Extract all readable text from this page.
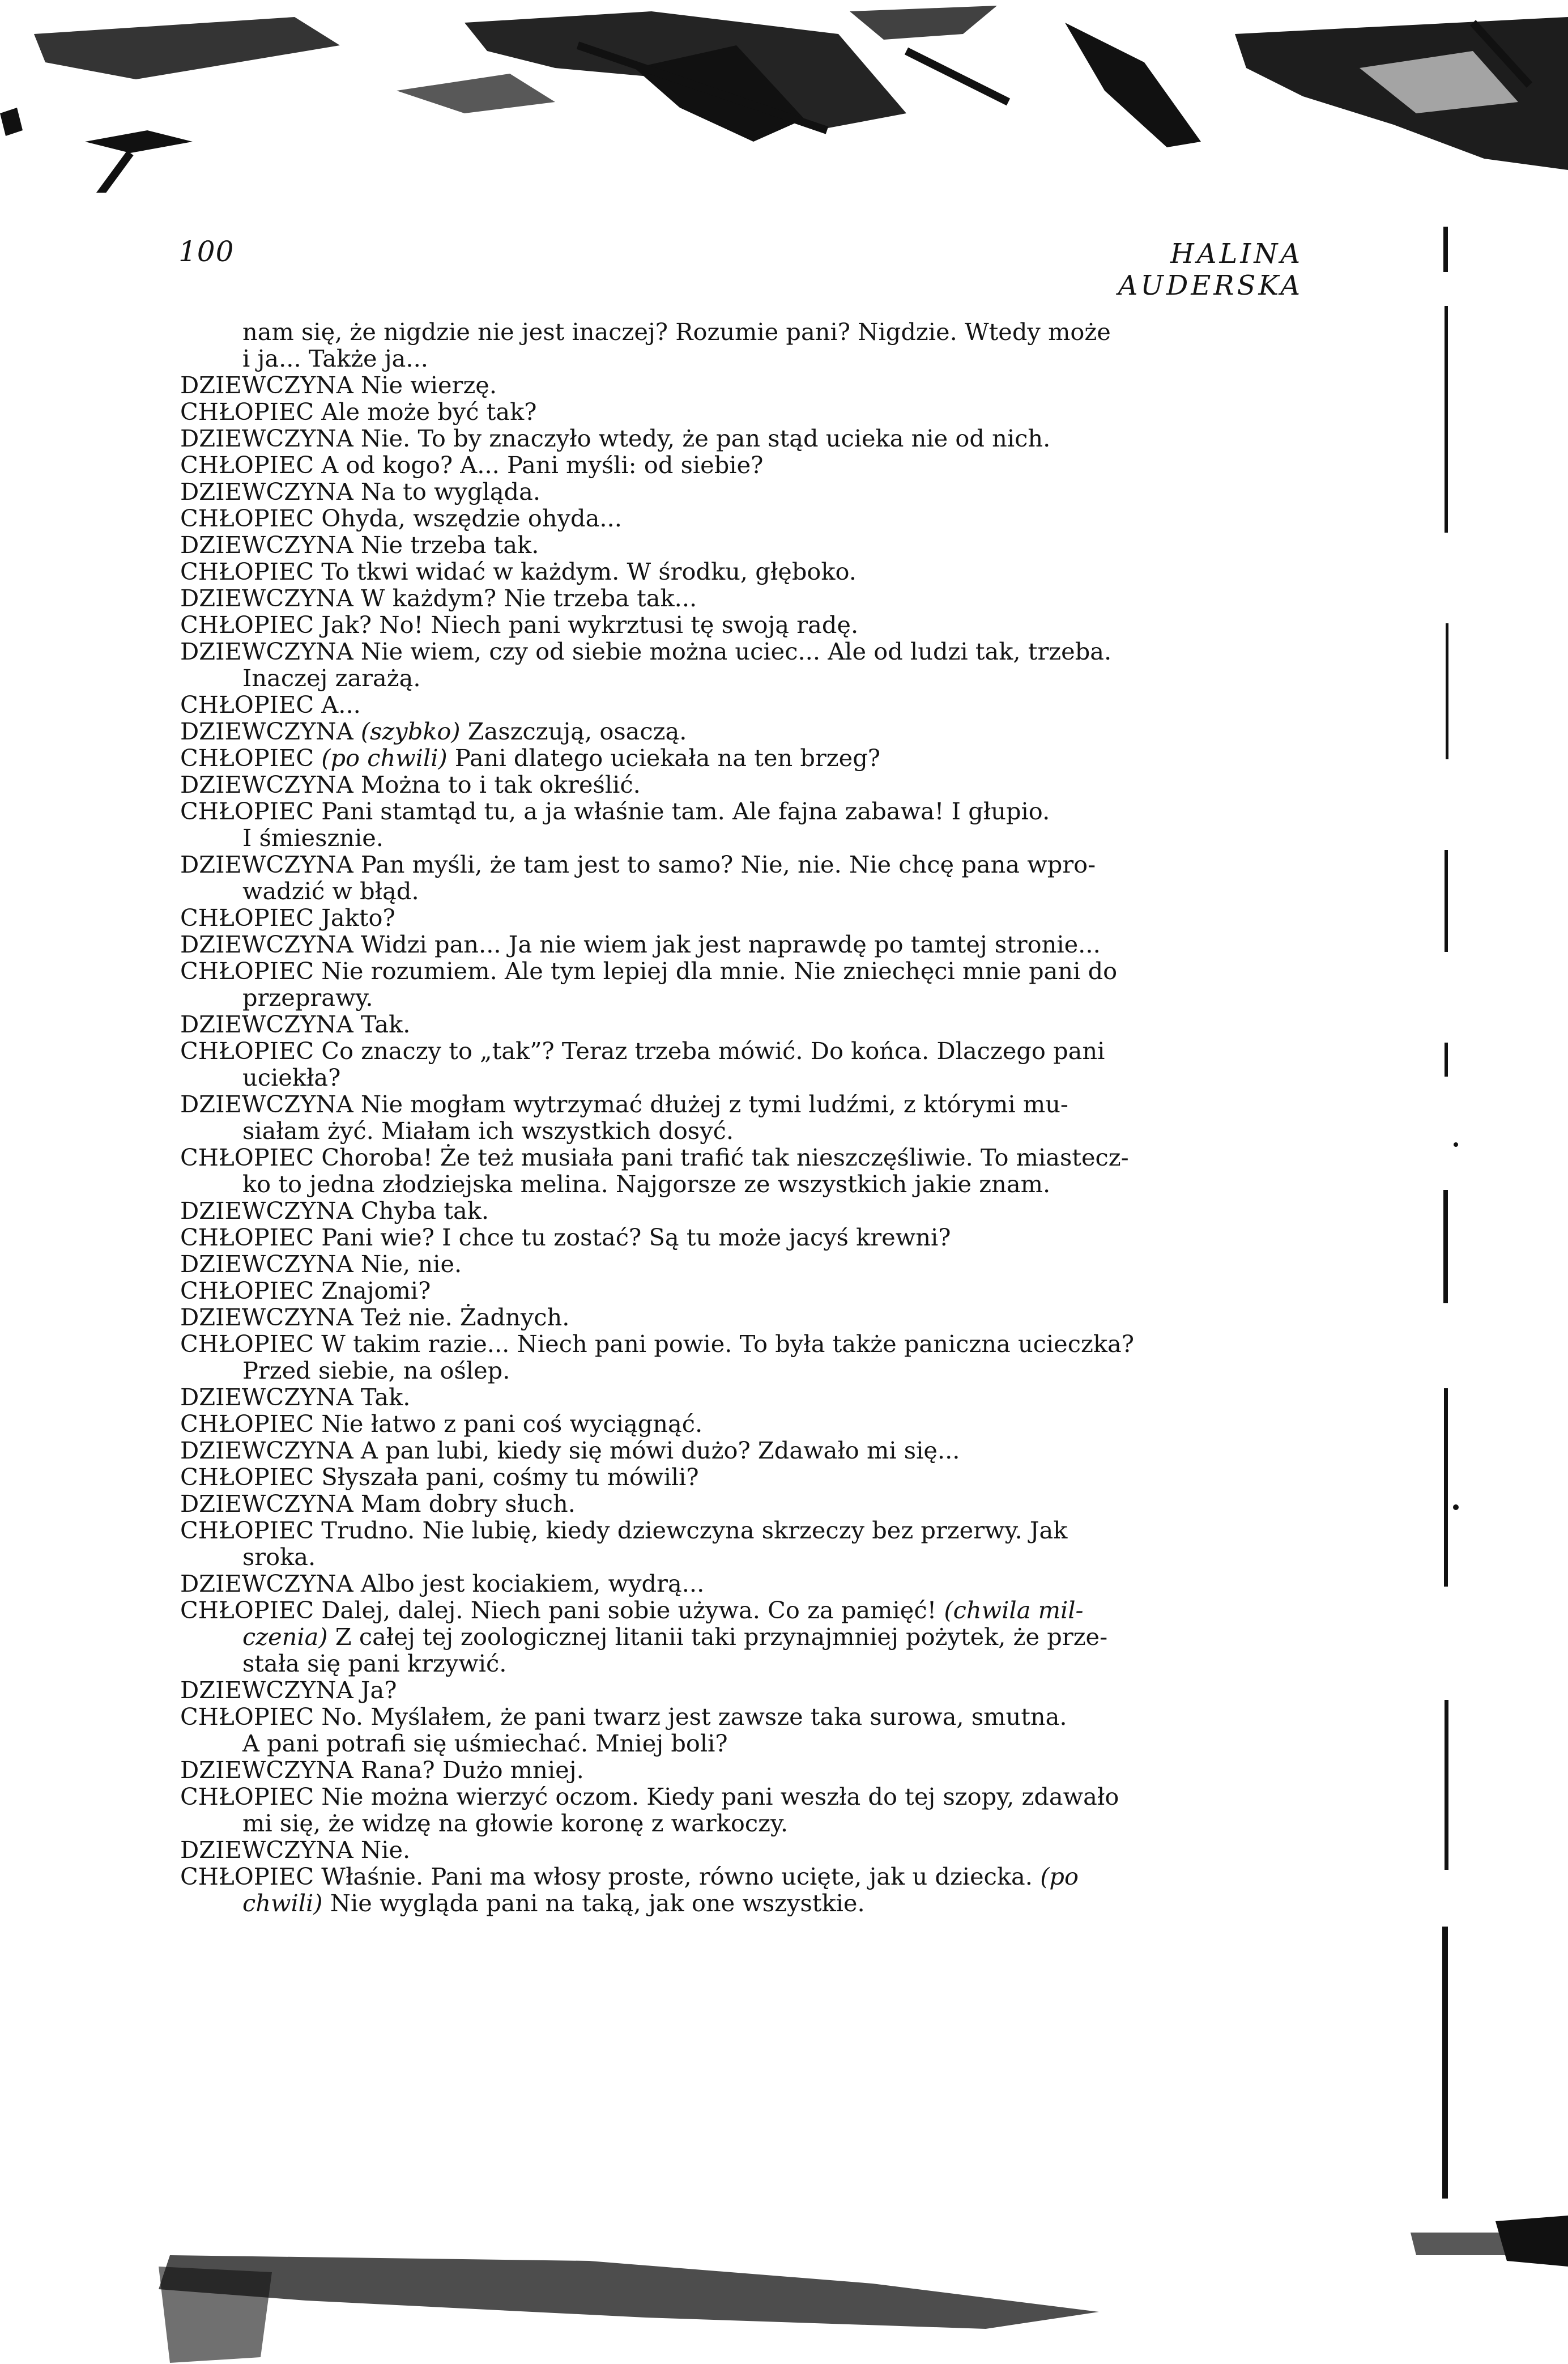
100	HALINA AUDERSKA
nam się, że nigdzie nie jest inaczej? Rozumie pani? Nigdzie. Wtedy może
i ja... Także ja...
DZIEWCZYNA Nie wierzę.
CHŁOPIEC Ale może być tak?
DZIEWCZYNA Nie. To by znaczyło wtedy, że pan stąd ucieka nie od nich.
CHŁOPIEC A od kogo? A... Pani myśli: od siebie?
DZIEWCZYNA Na to wygląda.
CHŁOPIEC Ohyda, wszędzie ohyda...
DZIEWCZYNA Nie trzeba tak.
CHŁOPIEC To tkwi widać w każdym. W środku, głęboko.
DZIEWCZYNA W każdym? Nie trzeba tak...
CHŁOPIEC Jak? No! Niech pani wykrztusi tę swoją radę.
DZIEWCZYNA Nie wiem, czy od siebie można uciec... Ale od ludzi tak, trzeba.
Inaczej zarażą.
CHŁOPIEC A...
DZIEWCZYNA (szybko) Zaszczują, osaczą.
CHŁOPIEC (po chwili) Pani dlatego uciekała na ten brzeg?
DZIEWCZYNA Można to i tak określić.
CHŁOPIEC Pani stamtąd tu, a ja właśnie tam. Ale fajna zabawa! I głupio.
I śmiesznie.
DZIEWCZYNA Pan myśli, że tam jest to samo? Nie, nie. Nie chcę pana wpro-
wadzić w błąd.
CHŁOPIEC Jakto?
DZIEWCZYNA Widzi pan... Ja nie wiem jak jest naprawdę po tamtej stronie...
CHŁOPIEC Nie rozumiem. Ale tym lepiej dla mnie. Nie zniechęci mnie pani do
przeprawy.
DZIEWCZYNA Tak.
CHŁOPIEC Co znaczy to „tak”? Teraz trzeba mówić. Do końca. Dlaczego pani
uciekła?
DZIEWCZYNA Nie mogłam wytrzymać dłużej z tymi ludźmi, z którymi mu-
siałam żyć. Miałam ich wszystkich dosyć.
CHŁOPIEC Choroba! Że też musiała pani trafić tak nieszczęśliwie. To miastecz-
ko to jedna złodziejska melina. Najgorsze ze wszystkich jakie znam.
DZIEWCZYNA Chyba tak.
CHŁOPIEC Pani wie? I chce tu zostać? Są tu może jacyś krewni?
DZIEWCZYNA Nie, nie.
CHŁOPIEC Znajomi?
DZIEWCZYNA Też nie. Żadnych.
CHŁOPIEC W takim razie... Niech pani powie. To była także paniczna ucieczka?
Przed siebie, na oślep.
DZIEWCZYNA Tak.
CHŁOPIEC Nie łatwo z pani coś wyciągnąć.
DZIEWCZYNA A pan lubi, kiedy się mówi dużo? Zdawało mi się...
CHŁOPIEC Słyszała pani, cośmy tu mówili?
DZIEWCZYNA Mam dobry słuch.
CHŁOPIEC Trudno. Nie lubię, kiedy dziewczyna skrzeczy bez przerwy. Jak
sroka.
DZIEWCZYNA Albo jest kociakiem, wydrą...
CHŁOPIEC Dalej, dalej. Niech pani sobie używa. Co za pamięć! (chwila mil-
czenia) Z całej tej zoologicznej litanii taki przynajmniej pożytek, że prze-
stała się pani krzywić.
DZIEWCZYNA Ja?
CHŁOPIEC No. Myślałem, że pani twarz jest zawsze taka surowa, smutna.
A pani potrafi się uśmiechać. Mniej boli?
DZIEWCZYNA Rana? Dużo mniej.
CHŁOPIEC Nie można wierzyć oczom. Kiedy pani weszła do tej szopy, zdawało
mi się, że widzę na głowie koronę z warkoczy.
DZIEWCZYNA Nie.
CHŁOPIEC Właśnie. Pani ma włosy proste, równo ucięte, jak u dziecka. (po
chwili) Nie wygląda pani na taką, jak one wszystkie.
